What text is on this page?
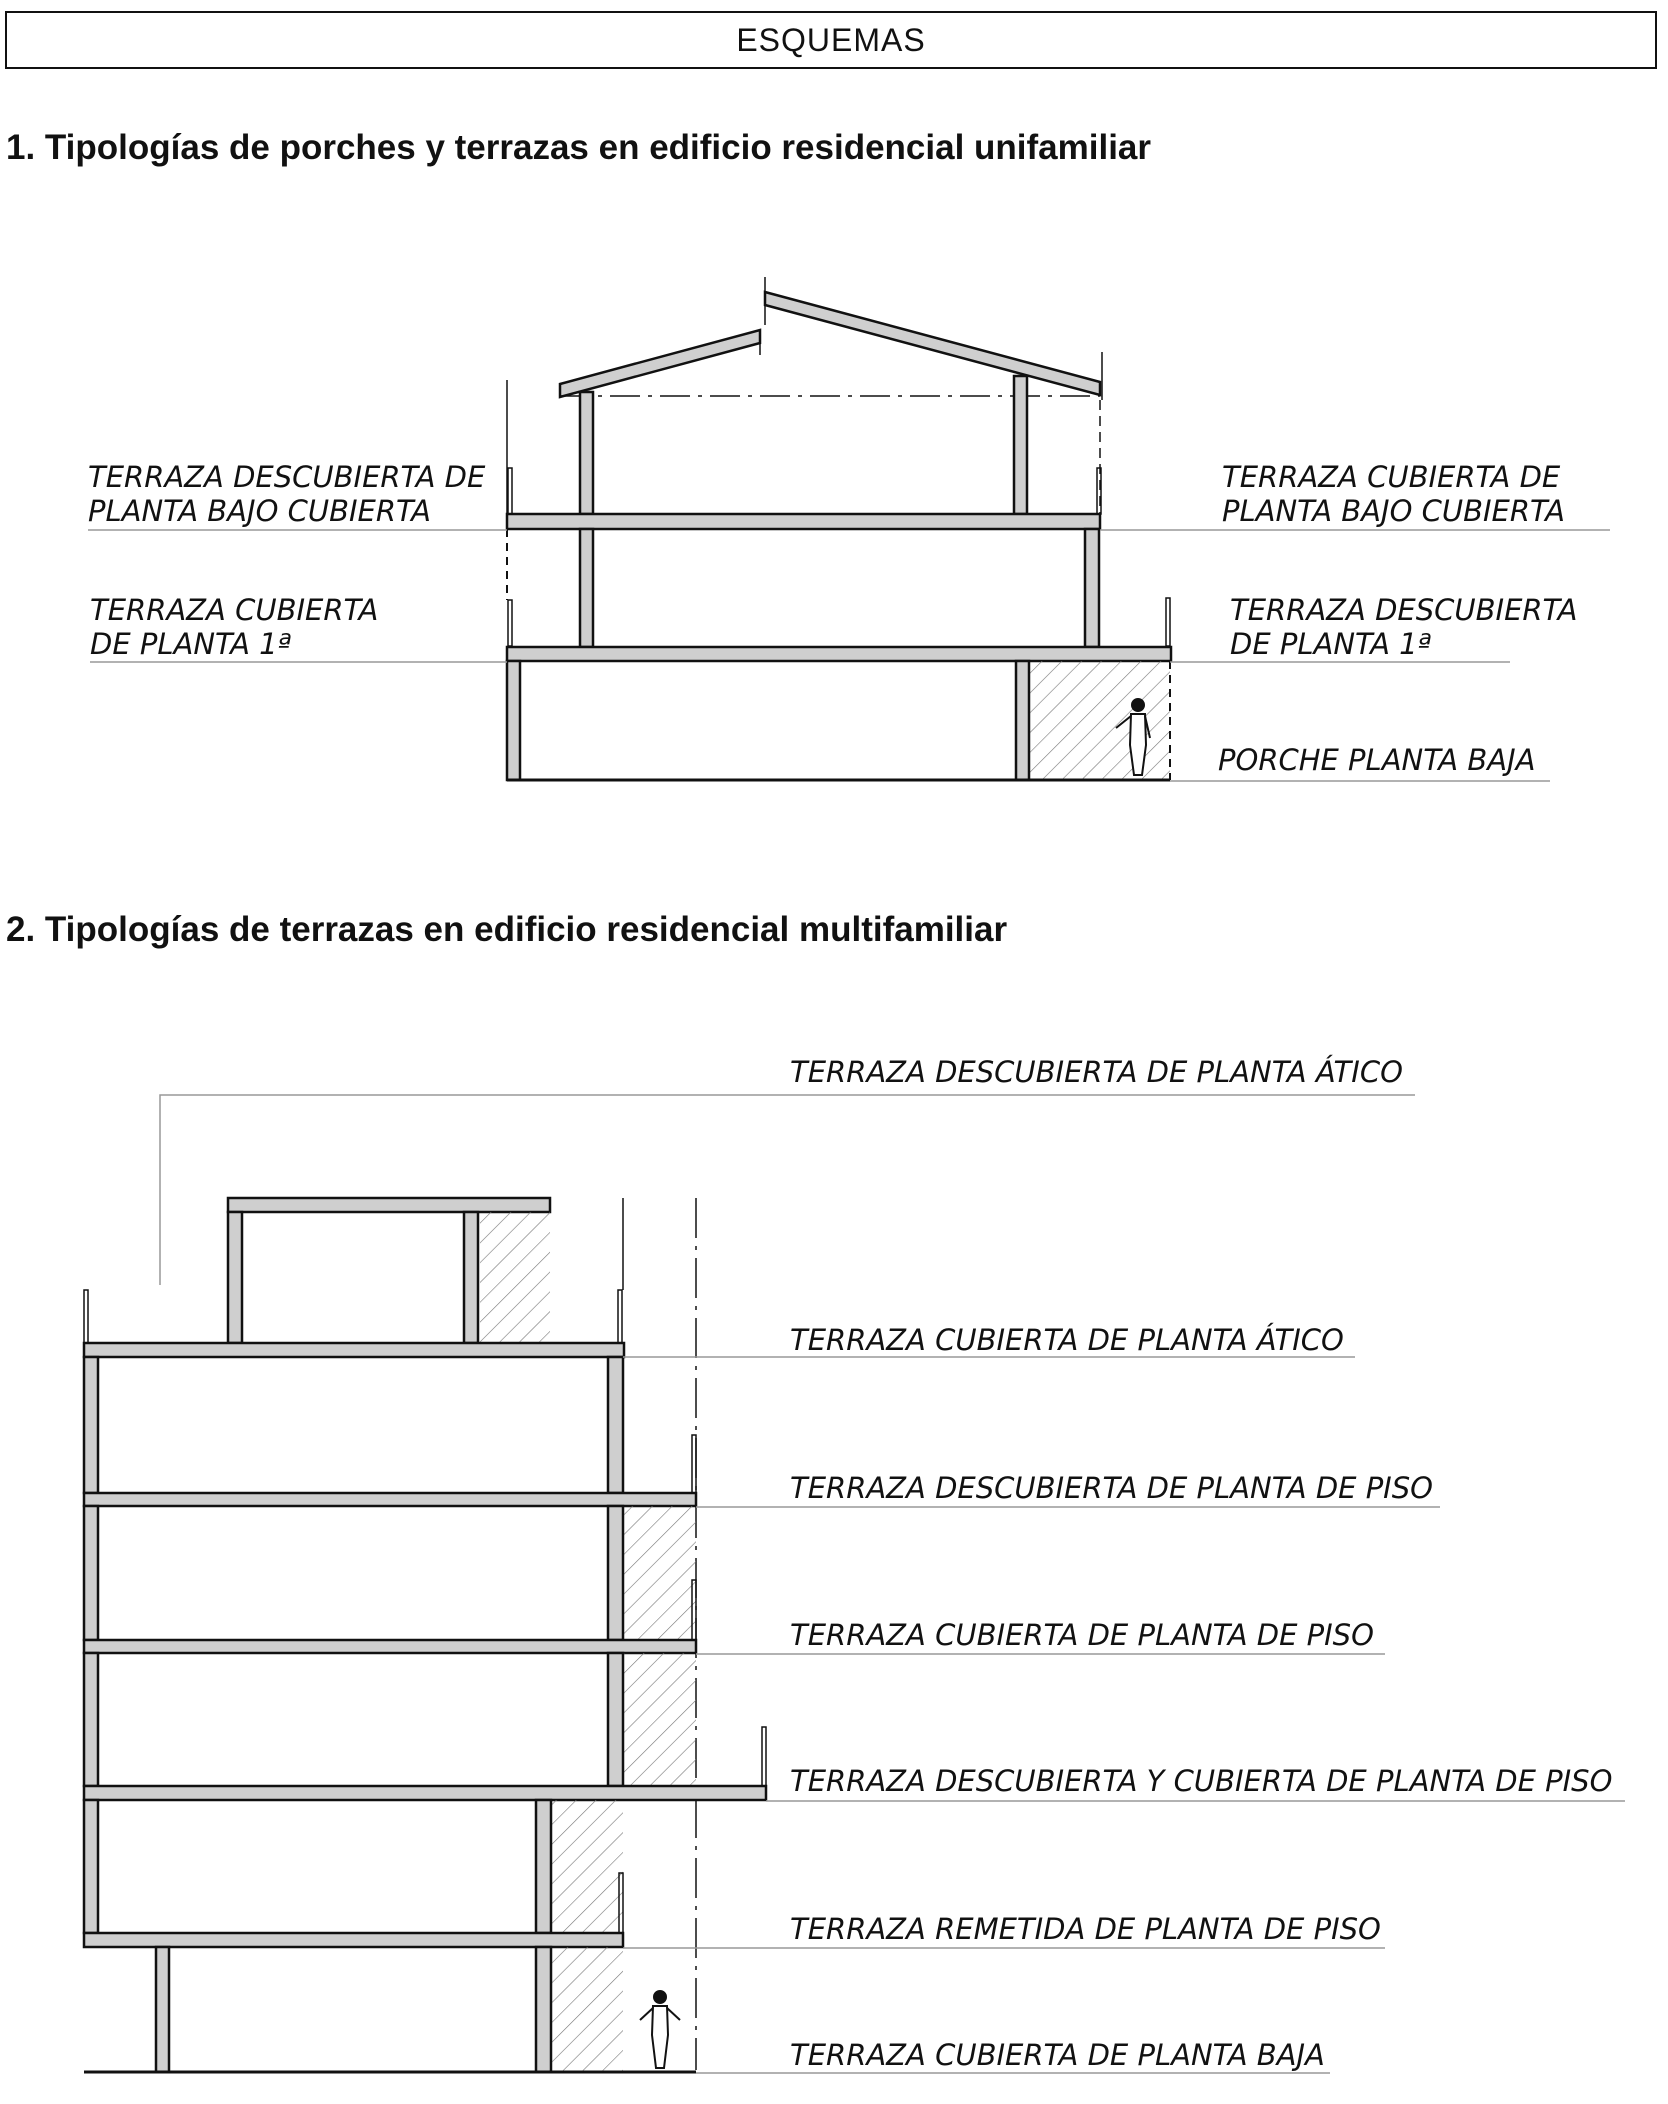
ESQUEMAS
1. Tipologías de porches y terrazas en edificio residencial unifamiliar
2. Tipologías de terrazas en edificio residencial multifamiliar
TERRAZA DESCUBIERTA DE
PLANTA BAJO CUBIERTA
TERRAZA CUBIERTA DE
PLANTA BAJO CUBIERTA
TERRAZA CUBIERTA
DE PLANTA 1ª
TERRAZA DESCUBIERTA
DE PLANTA 1ª
PORCHE PLANTA BAJA
TERRAZA DESCUBIERTA DE PLANTA ÁTICO
TERRAZA CUBIERTA DE PLANTA ÁTICO
TERRAZA DESCUBIERTA DE PLANTA DE PISO
TERRAZA CUBIERTA DE PLANTA DE PISO
TERRAZA DESCUBIERTA Y CUBIERTA DE PLANTA DE PISO
TERRAZA REMETIDA DE PLANTA DE PISO
TERRAZA CUBIERTA DE PLANTA BAJA
